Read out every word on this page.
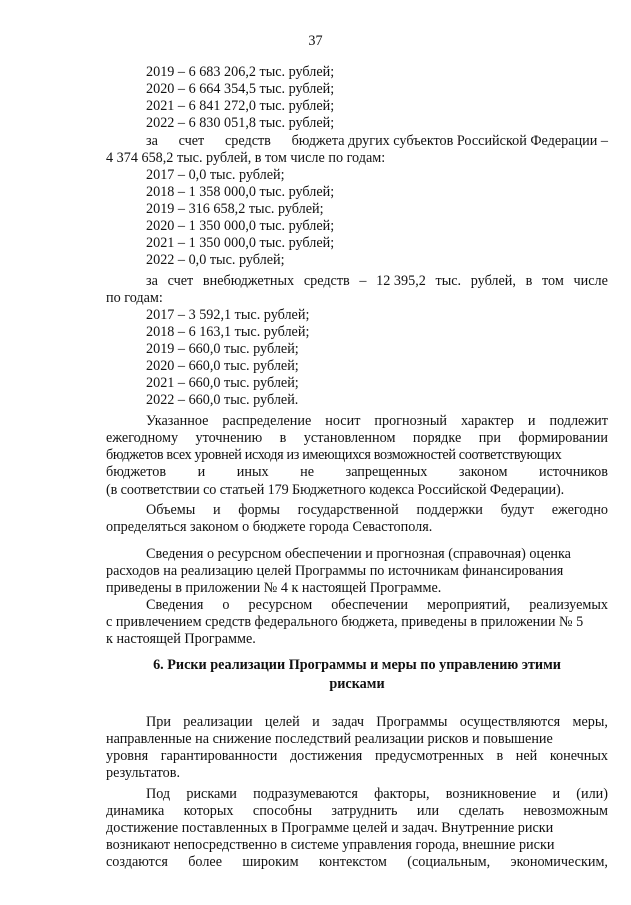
37
2019 – 6 683 206,2 тыс. рублей;
2020 – 6 664 354,5 тыс. рублей;
2021 – 6 841 272,0 тыс. рублей;
2022 – 6 830 051,8 тыс. рублей;
за счет средств бюджета других субъектов Российской Федерации –
4 374 658,2 тыс. рублей, в том числе по годам:
2017 – 0,0 тыс. рублей;
2018 – 1 358 000,0 тыс. рублей;
2019 – 316 658,2 тыс. рублей;
2020 – 1 350 000,0 тыс. рублей;
2021 – 1 350 000,0 тыс. рублей;
2022 – 0,0 тыс. рублей;
за счет внебюджетных средств – 12 395,2 тыс. рублей, в том числе
по годам:
2017 – 3 592,1 тыс. рублей;
2018 – 6 163,1 тыс. рублей;
2019 – 660,0 тыс. рублей;
2020 – 660,0 тыс. рублей;
2021 – 660,0 тыс. рублей;
2022 – 660,0 тыс. рублей.
Указанное распределение носит прогнозный характер и подлежит
ежегодному уточнению в установленном порядке при формировании
бюджетов всех уровней исходя из имеющихся возможностей соответствующих
бюджетов и иных не запрещенных законом источников
(в соответствии со статьей 179 Бюджетного кодекса Российской Федерации).
Объемы и формы государственной поддержки будут ежегодно
определяться законом о бюджете города Севастополя.
Сведения о ресурсном обеспечении и прогнозная (справочная) оценка
расходов на реализацию целей Программы по источникам финансирования
приведены в приложении № 4 к настоящей Программе.
Сведения о ресурсном обеспечении мероприятий, реализуемых
с привлечением средств федерального бюджета, приведены в приложении № 5
к настоящей Программе.
6. Риски реализации Программы и меры по управлению этими
рисками
При реализации целей и задач Программы осуществляются меры,
направленные на снижение последствий реализации рисков и повышение
уровня гарантированности достижения предусмотренных в ней конечных
результатов.
Под рисками подразумеваются факторы, возникновение и (или)
динамика которых способны затруднить или сделать невозможным
достижение поставленных в Программе целей и задач. Внутренние риски
возникают непосредственно в системе управления города, внешние риски
создаются более широким контекстом (социальным, экономическим,
